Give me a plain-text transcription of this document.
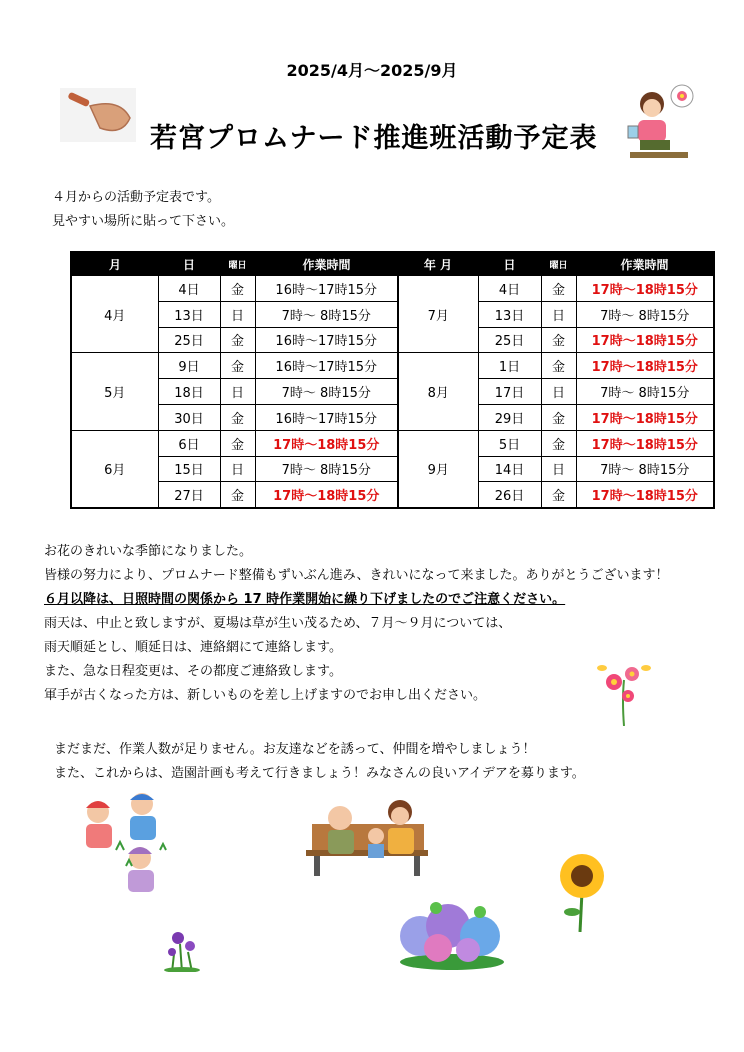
2025/4月～2025/9月
若宮プロムナード推進班活動予定表
４月からの活動予定表です。
見やすい場所に貼って下さい。
月	日	曜日	作業時間	年 月	日	曜日	作業時間
4月	4日	金	16時～17時15分	7月	4日	金	17時～18時15分
	13日	日	7時～ 8時15分		13日	日	7時～ 8時15分
	25日	金	16時～17時15分		25日	金	17時～18時15分
5月	9日	金	16時～17時15分	8月	1日	金	17時～18時15分
	18日	日	7時～ 8時15分		17日	日	7時～ 8時15分
	30日	金	16時～17時15分		29日	金	17時～18時15分
6月	6日	金	17時～18時15分	9月	5日	金	17時～18時15分
	15日	日	7時～ 8時15分		14日	日	7時～ 8時15分
	27日	金	17時～18時15分		26日	金	17時～18時15分
お花のきれいな季節になりました。
皆様の努力により、プロムナード整備もずいぶん進み、きれいになって来ました。ありがとうございます！
６月以降は、日照時間の関係から 17 時作業開始に繰り下げましたのでご注意ください。
雨天は、中止と致しますが、夏場は草が生い茂るため、７月～９月については、
雨天順延とし、順延日は、連絡網にて連絡します。
また、急な日程変更は、その都度ご連絡致します。
軍手が古くなった方は、新しいものを差し上げますのでお申し出ください。
まだまだ、作業人数が足りません。お友達などを誘って、仲間を増やしましょう！
また、これからは、造園計画も考えて行きましょう！みなさんの良いアイデアを募ります。
